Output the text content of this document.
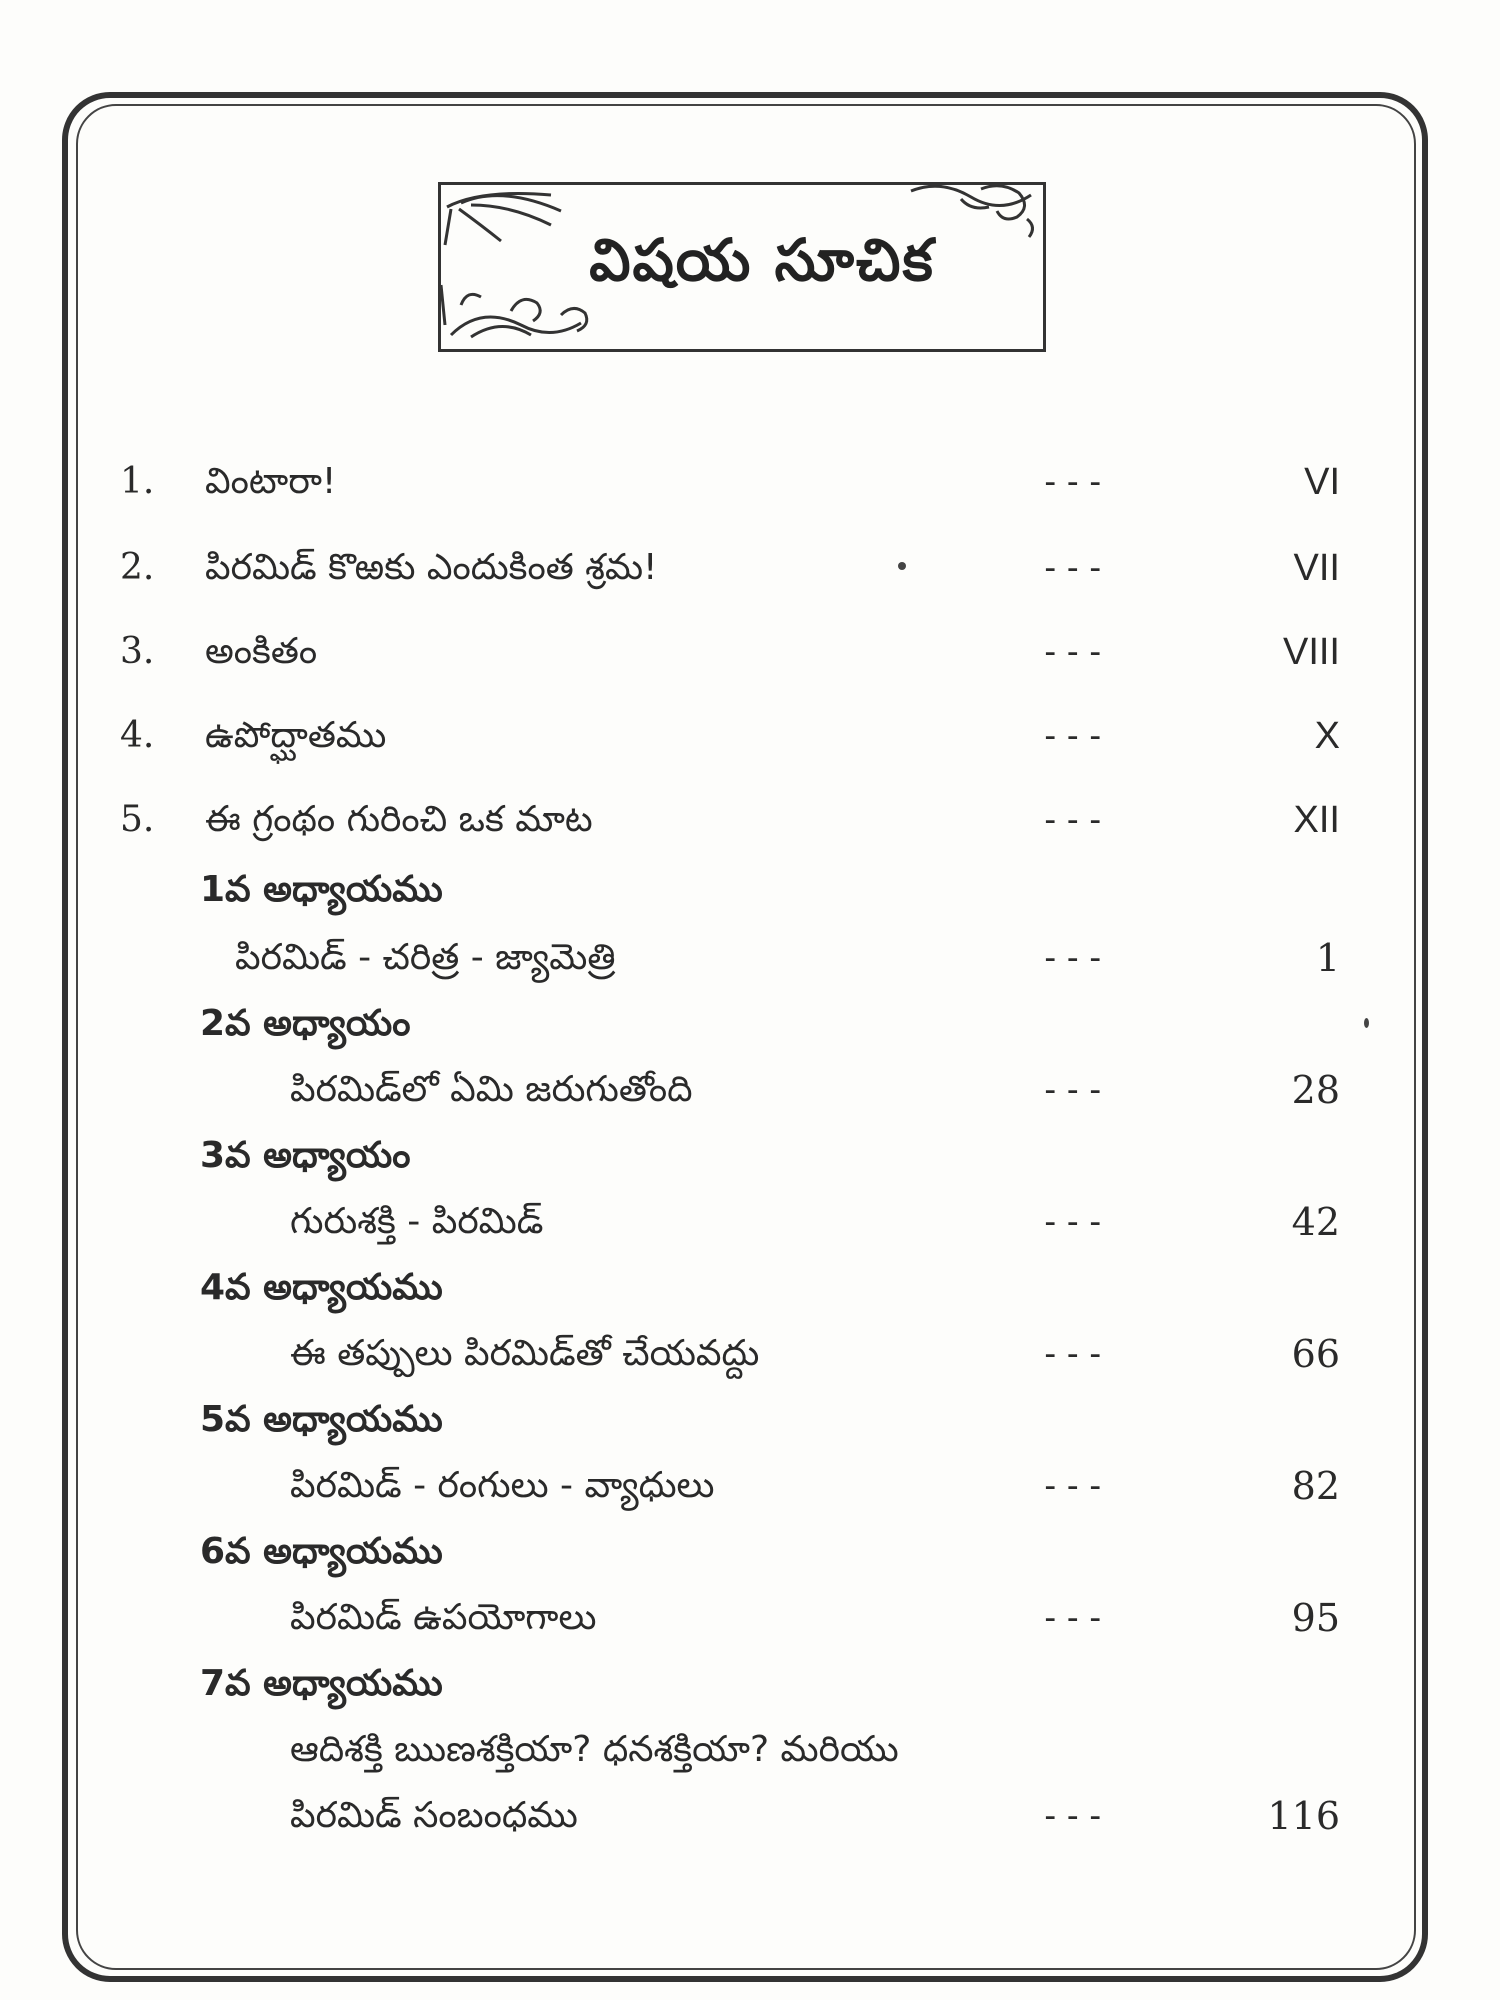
విషయ సూచిక
1. వింటారా!	---	VI
2. పిరమిడ్ కొఱకు ఎందుకింత శ్రమ!	---	VII
3. అంకితం	---	VIII
4. ఉపోద్ఘాతము	---	X
5. ఈ గ్రంథం గురించి ఒక మాట	---	XII
1వ అధ్యాయము
పిరమిడ్ - చరిత్ర - జ్యామెత్రి	---	1
2వ అధ్యాయం
పిరమిడ్‌లో ఏమి జరుగుతోంది	---	28
3వ అధ్యాయం
గురుశక్తి - పిరమిడ్	---	42
4వ అధ్యాయము
ఈ తప్పులు పిరమిడ్‌తో చేయవద్దు	---	66
5వ అధ్యాయము
పిరమిడ్ - రంగులు - వ్యాధులు	---	82
6వ అధ్యాయము
పిరమిడ్ ఉపయోగాలు	---	95
7వ అధ్యాయము
ఆదిశక్తి ఋణశక్తియా? ధనశక్తియా? మరియు
పిరమిడ్ సంబంధము	---	116
